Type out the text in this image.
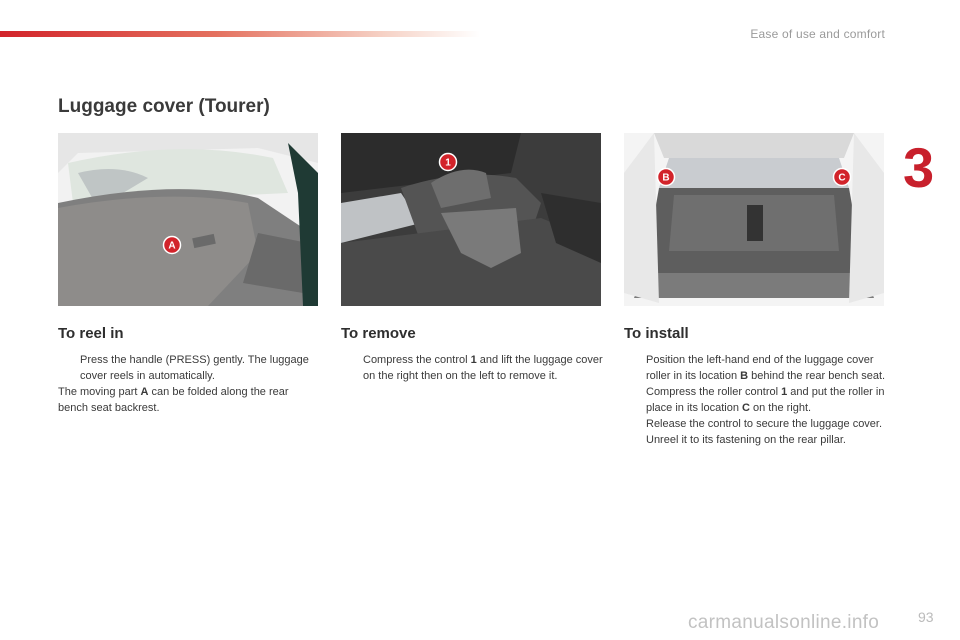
Ease of use and comfort
3
Luggage cover (Tourer)
A
1
B	C
To reel in

Press the handle (PRESS) gently. The luggage cover reels in automatically.

The moving part A can be folded along the rear bench seat backrest.

To remove

Compress the control 1 and lift the luggage cover on the right then on the left to remove it.

To install

Position the left-hand end of the luggage cover roller in its location B behind the rear bench seat.

Compress the roller control 1 and put the roller in place in its location C on the right.

Release the control to secure the luggage cover.

Unreel it to its fastening on the rear pillar.

carmanualsonline.info	93
